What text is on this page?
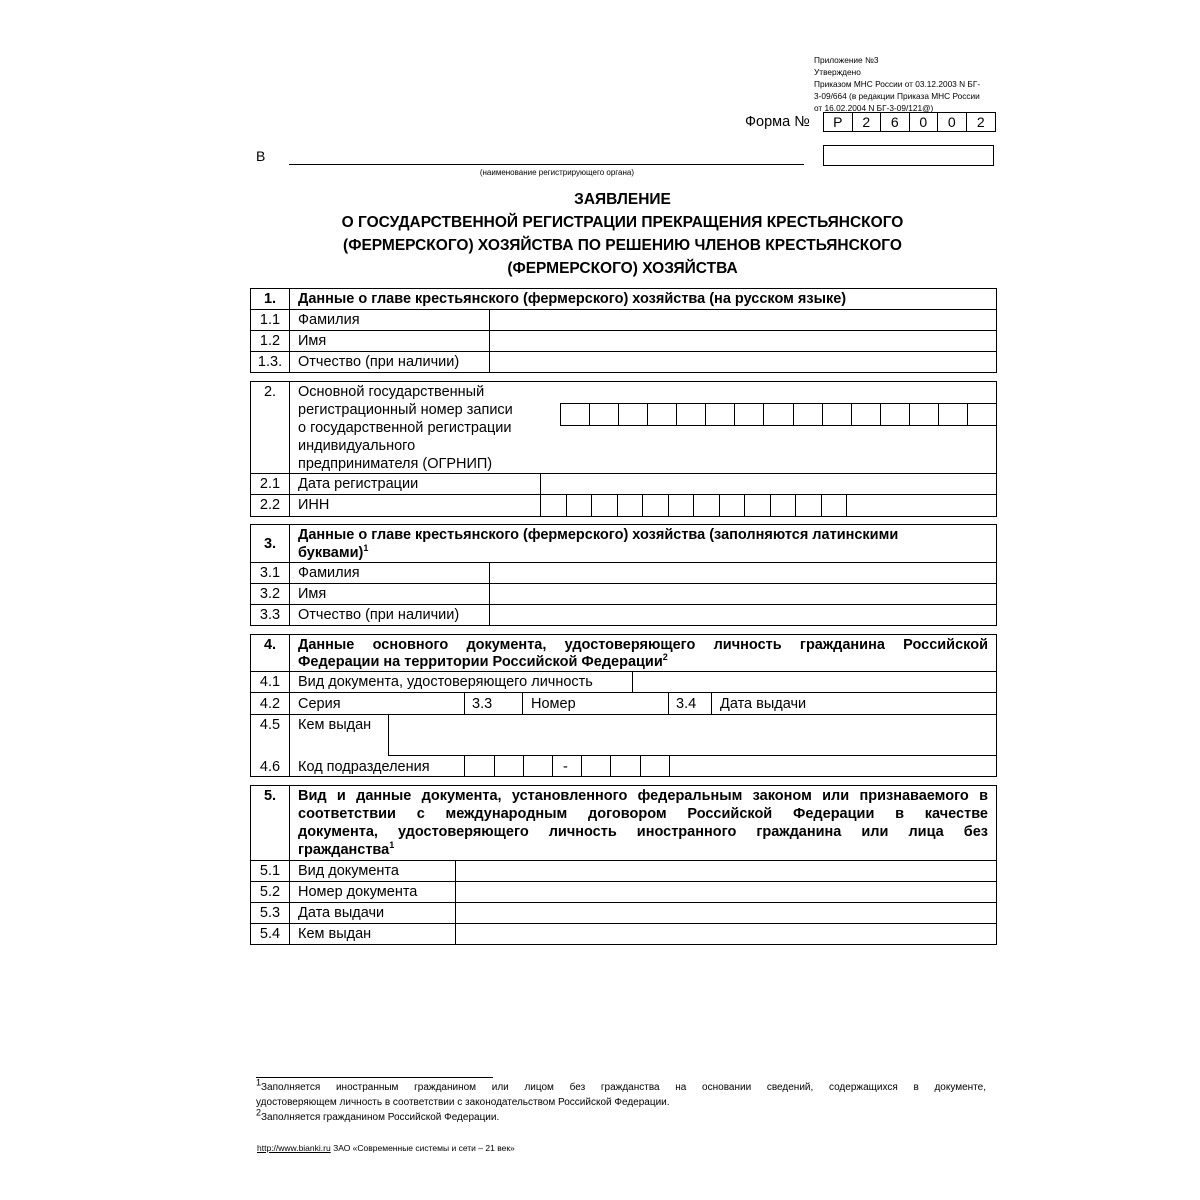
Приложение №3
Утверждено
Приказом МНС России от 03.12.2003 N БГ-
3-09/664 (в редакции Приказа МНС России
от 16.02.2004 N БГ-3-09/121@)
Форма №	Р	2	6	0	0	2
В
(наименование регистрирующего органа)
ЗАЯВЛЕНИЕ
О ГОСУДАРСТВЕННОЙ РЕГИСТРАЦИИ ПРЕКРАЩЕНИЯ КРЕСТЬЯНСКОГО
(ФЕРМЕРСКОГО) ХОЗЯЙСТВА ПО РЕШЕНИЮ ЧЛЕНОВ КРЕСТЬЯНСКОГО
(ФЕРМЕРСКОГО) ХОЗЯЙСТВА
1.	Данные о главе крестьянского (фермерского) хозяйства (на русском языке)
1.1	Фамилия
1.2	Имя
1.3.	Отчество (при наличии)
2.	Основной государственный
регистрационный номер записи
о государственной регистрации
индивидуального
предпринимателя (ОГРНИП)
2.1	Дата регистрации
2.2	ИНН
3.
Данные о главе крестьянского (фермерского) хозяйства (заполняются латинскими
буквами)$^1$
3.1	Фамилия
3.2	Имя
3.3	Отчество (при наличии)
4.	Данные основного документа, удостоверяющего личность гражданина Российской
Федерации на территории Российской Федерации$^2$
4.1	Вид документа, удостоверяющего личность
4.2	Серия	3.3	Номер	3.4 Дата выдачи
4.5	Кем выдан
4.6	Код подразделения	-
5.	Вид и данные документа, установленного федеральным законом или признаваемого в
соответствии с международным договором Российской Федерации в качестве
документа, удостоверяющего личность иностранного гражданина или лица без
гражданства$^1$
5.1	Вид документа
5.2	Номер документа
5.3	Дата выдачи
5.4	Кем выдан
$^1$Заполняется иностранным гражданином или лицом без гражданства на основании сведений, содержащихся в документе,
удостоверяющем личность в соответствии с законодательством Российской Федерации.
$^2$Заполняется гражданином Российской Федерации.
http://www.bianki.ru ЗАО «Современные системы и сети – 21 век»
